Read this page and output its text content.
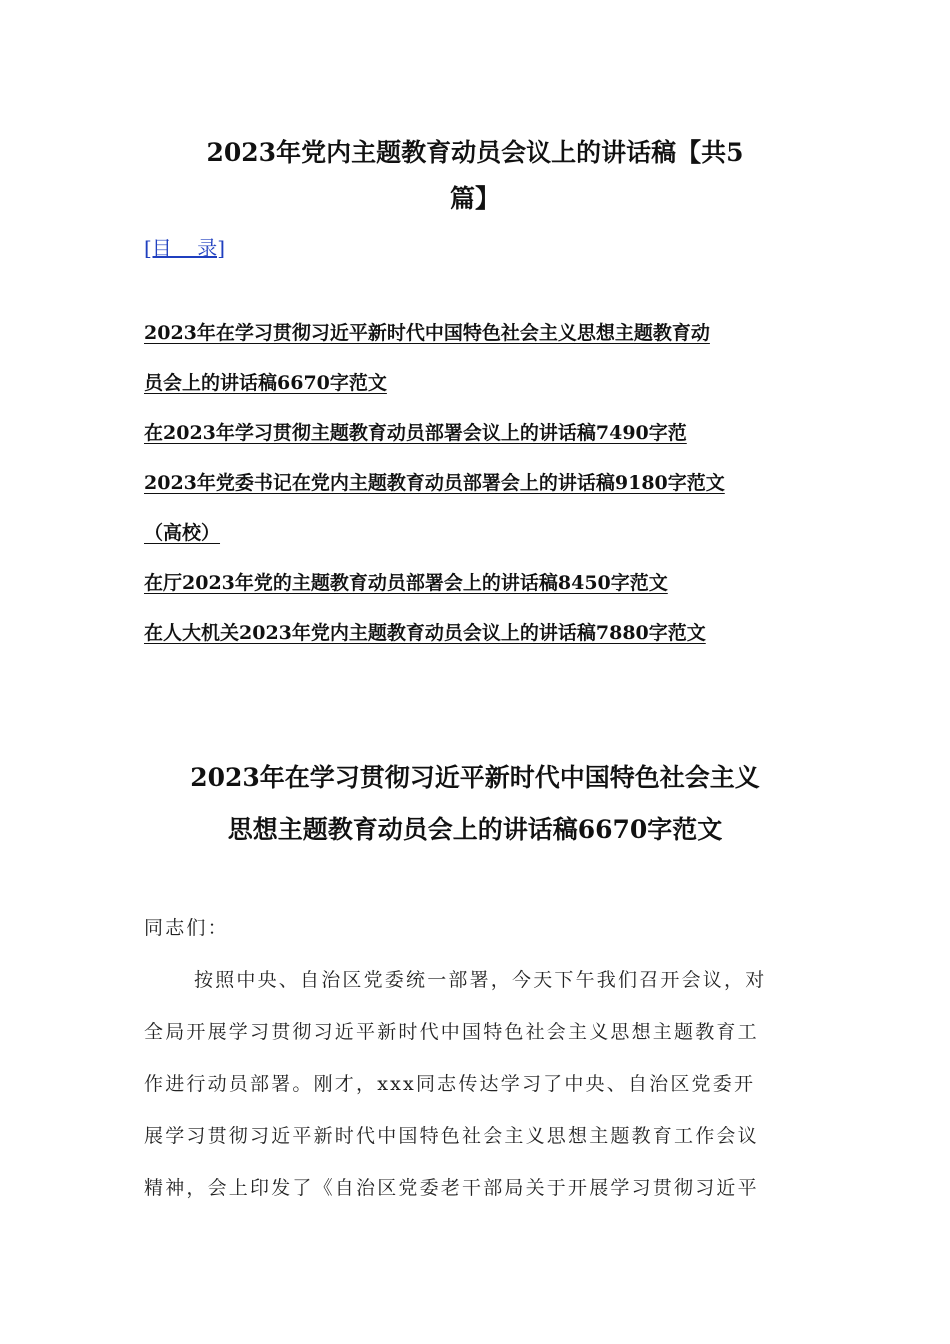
2023年党内主题教育动员会议上的讲话稿【共5
篇】
[目    录]
2023年在学习贯彻习近平新时代中国特色社会主义思想主题教育动
员会上的讲话稿6670字范文
在2023年学习贯彻主题教育动员部署会议上的讲话稿7490字范
2023年党委书记在党内主题教育动员部署会上的讲话稿9180字范文
（高校）
在厅2023年党的主题教育动员部署会上的讲话稿8450字范文
在人大机关2023年党内主题教育动员会议上的讲话稿7880字范文
2023年在学习贯彻习近平新时代中国特色社会主义
思想主题教育动员会上的讲话稿6670字范文

同志们：

按照中央、自治区党委统一部署，今天下午我们召开会议，对

全局开展学习贯彻习近平新时代中国特色社会主义思想主题教育工

作进行动员部署。刚才，xxx同志传达学习了中央、自治区党委开

展学习贯彻习近平新时代中国特色社会主义思想主题教育工作会议

精神，会上印发了《自治区党委老干部局关于开展学习贯彻习近平
